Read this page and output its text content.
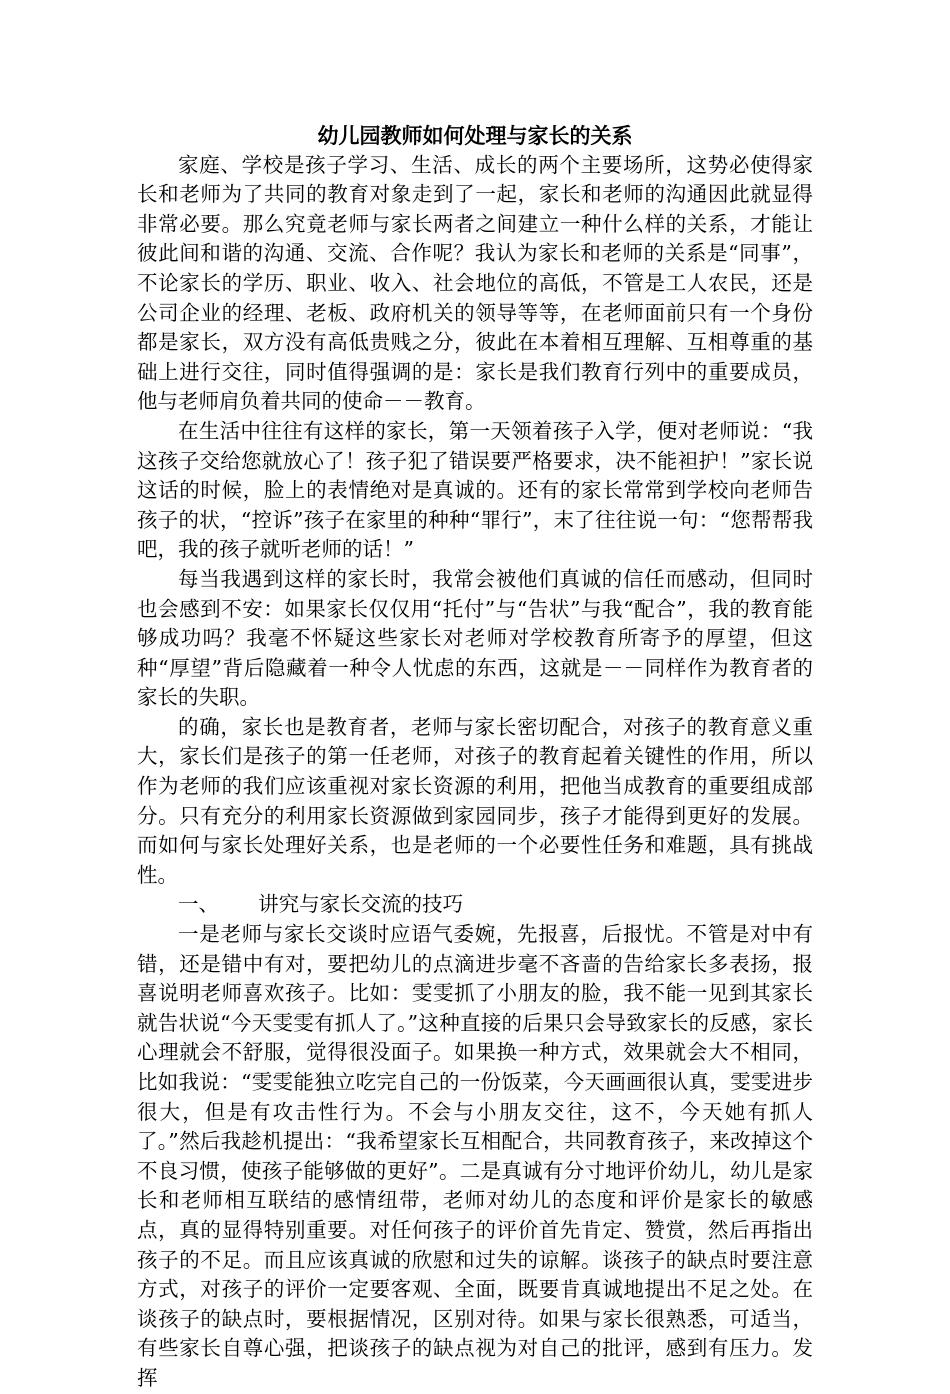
幼儿园教师如何处理与家长的关系

家庭、学校是孩子学习、生活、成长的两个主要场所，这势必使得家长和老师为了共同的教育对象走到了一起，家长和老师的沟通因此就显得非常必要。那么究竟老师与家长两者之间建立一种什么样的关系，才能让彼此间和谐的沟通、交流、合作呢？我认为家长和老师的关系是“同事”，不论家长的学历、职业、收入、社会地位的高低，不管是工人农民，还是公司企业的经理、老板、政府机关的领导等等，在老师面前只有一个身份都是家长，双方没有高低贵贱之分，彼此在本着相互理解、互相尊重的基础上进行交往，同时值得强调的是：家长是我们教育行列中的重要成员，他与老师肩负着共同的使命－－教育。

在生活中往往有这样的家长，第一天领着孩子入学，便对老师说：“我这孩子交给您就放心了！孩子犯了错误要严格要求，决不能袒护！”家长说这话的时候，脸上的表情绝对是真诚的。还有的家长常常到学校向老师告孩子的状，“控诉”孩子在家里的种种“罪行”，末了往往说一句：“您帮帮我吧，我的孩子就听老师的话！”

每当我遇到这样的家长时，我常会被他们真诚的信任而感动，但同时也会感到不安：如果家长仅仅用“托付”与“告状”与我“配合”，我的教育能够成功吗？我毫不怀疑这些家长对老师对学校教育所寄予的厚望，但这种“厚望”背后隐藏着一种令人忧虑的东西，这就是－－同样作为教育者的家长的失职。

的确，家长也是教育者，老师与家长密切配合，对孩子的教育意义重大，家长们是孩子的第一任老师，对孩子的教育起着关键性的作用，所以作为老师的我们应该重视对家长资源的利用，把他当成教育的重要组成部分。只有充分的利用家长资源做到家园同步，孩子才能得到更好的发展。而如何与家长处理好关系，也是老师的一个必要性任务和难题，具有挑战性。

一、      讲究与家长交流的技巧

一是老师与家长交谈时应语气委婉，先报喜，后报忧。不管是对中有错，还是错中有对，要把幼儿的点滴进步毫不吝啬的告给家长多表扬，报喜说明老师喜欢孩子。比如：雯雯抓了小朋友的脸，我不能一见到其家长就告状说“今天雯雯有抓人了。”这种直接的后果只会导致家长的反感，家长心理就会不舒服，觉得很没面子。如果换一种方式，效果就会大不相同，比如我说：“雯雯能独立吃完自己的一份饭菜，今天画画很认真，雯雯进步很大，但是有攻击性行为。不会与小朋友交往，这不，今天她有抓人了。”然后我趁机提出：“我希望家长互相配合，共同教育孩子，来改掉这个不良习惯，使孩子能够做的更好”。二是真诚有分寸地评价幼儿，幼儿是家长和老师相互联结的感情纽带，老师对幼儿的态度和评价是家长的敏感点，真的显得特别重要。对任何孩子的评价首先肯定、赞赏，然后再指出孩子的不足。而且应该真诚的欣慰和过失的谅解。谈孩子的缺点时要注意方式，对孩子的评价一定要客观、全面，既要肯真诚地提出不足之处。在谈孩子的缺点时，要根据情况，区别对待。如果与家长很熟悉，可适当，有些家长自尊心强，把谈孩子的缺点视为对自己的批评，感到有压力。发挥
